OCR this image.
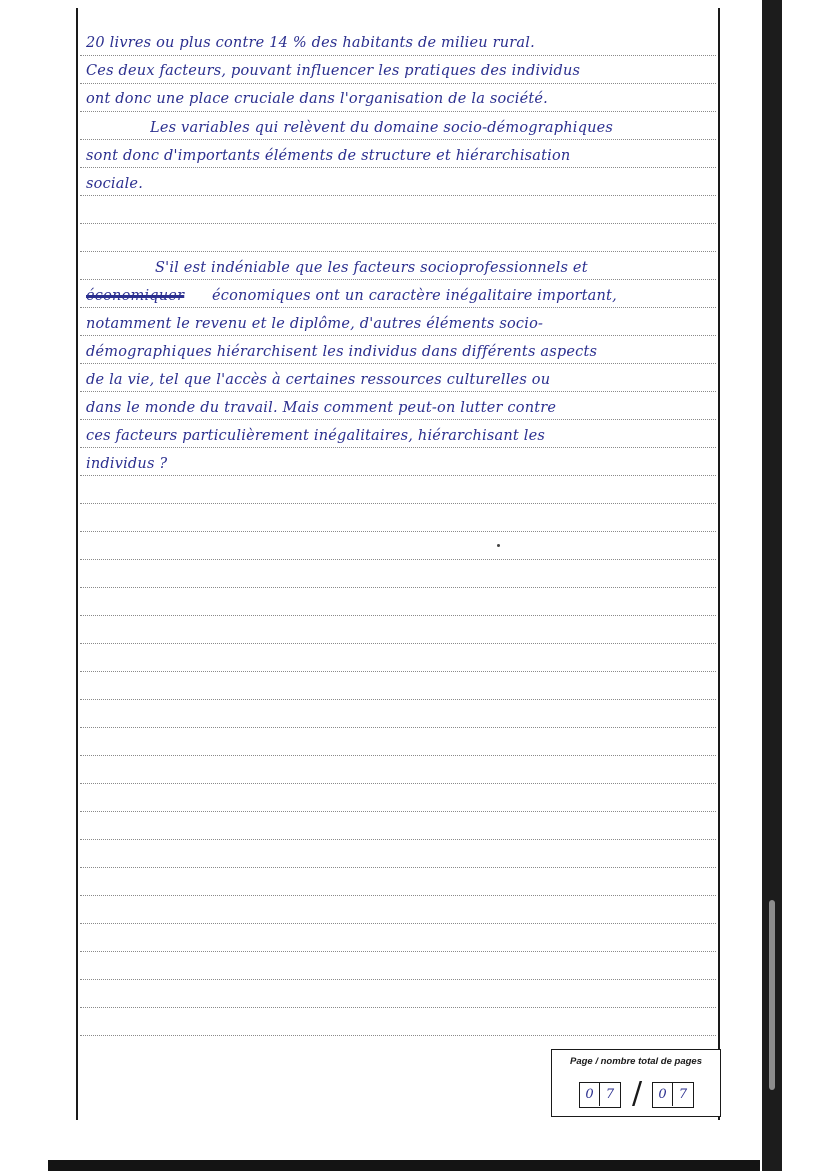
20 livres ou plus contre 14 % des habitants de milieu rural.
Ces deux facteurs, pouvant influencer les pratiques des individus
ont donc une place cruciale dans l'organisation de la société.
Les variables qui relèvent du domaine socio-démographiques
sont donc d'importants éléments de structure et hiérarchisation
sociale.
S'il est indéniable que les facteurs socioprofessionnels et
économiquer	économiques ont un caractère inégalitaire important,
notamment le revenu et le diplôme, d'autres éléments socio-
démographiques hiérarchisent les individus dans différents aspects
de la vie, tel que l'accès à certaines ressources culturelles ou
dans le monde du travail. Mais comment peut-on lutter contre
ces facteurs particulièrement inégalitaires, hiérarchisant les
individus ?
Page / nombre total de pages
0 7 /	0 7
